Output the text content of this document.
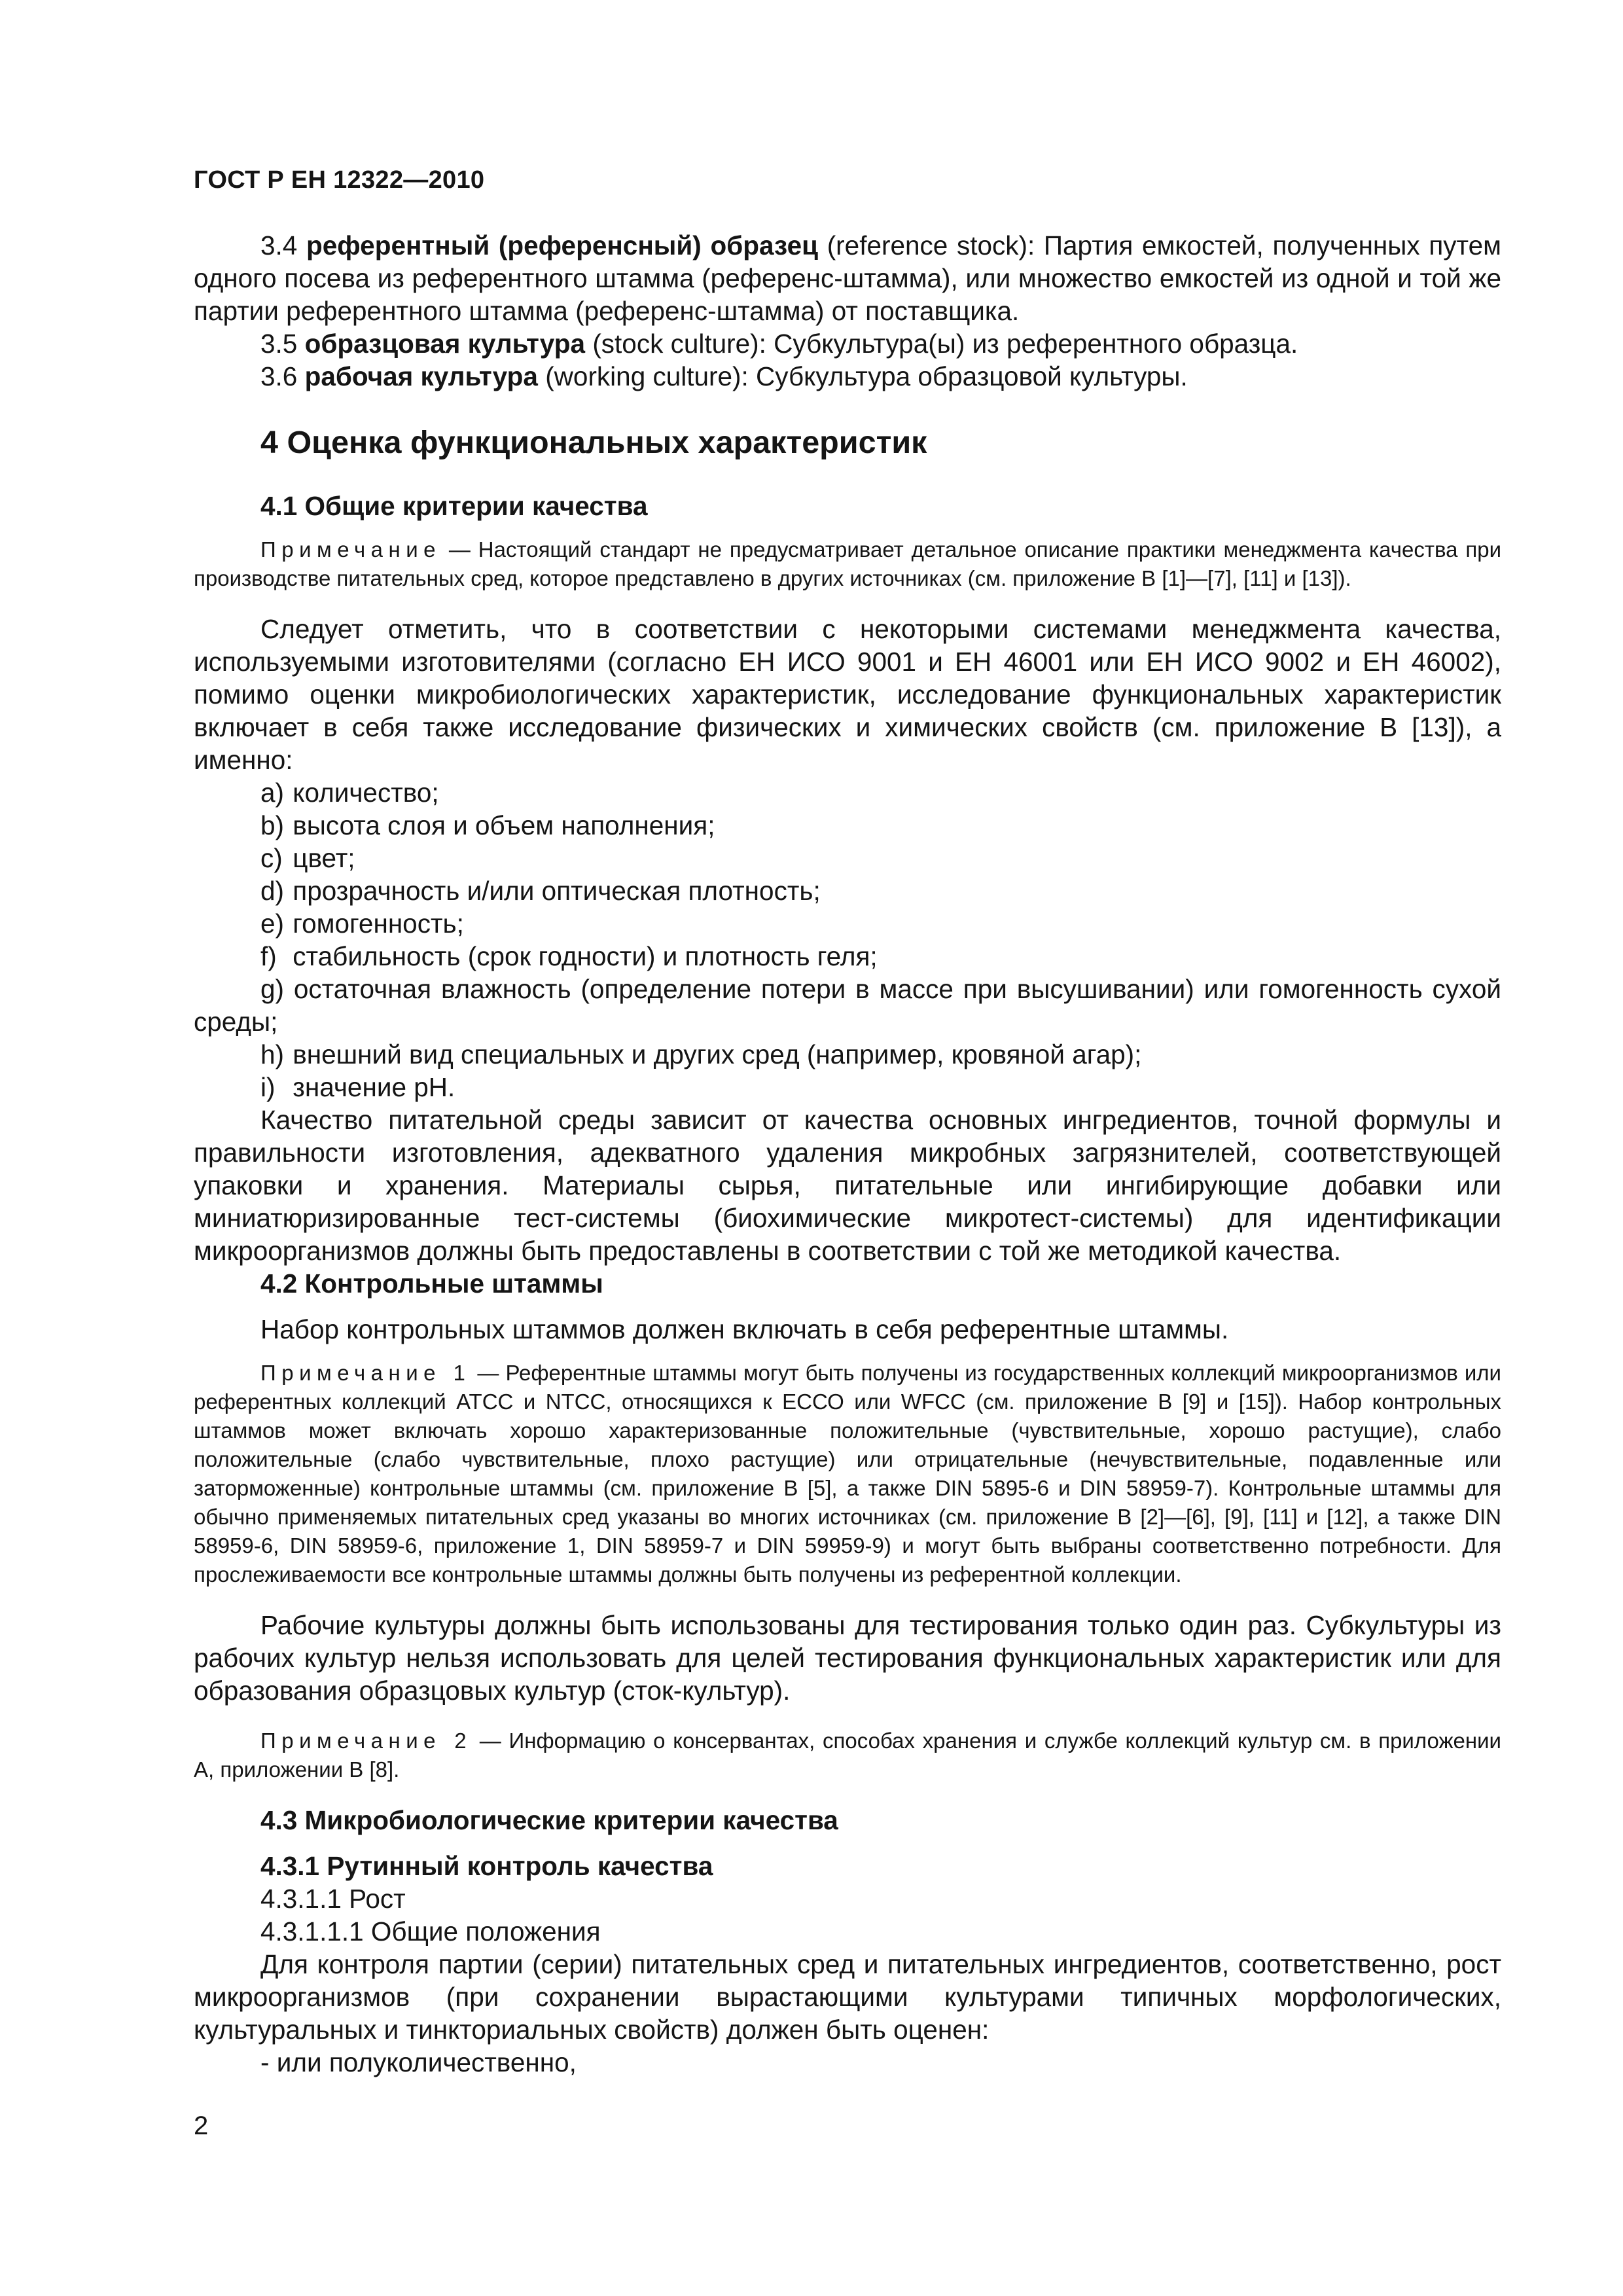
ГОСТ Р ЕН 12322—2010

3.4 референтный (референсный) образец (reference stock): Партия емкостей, полученных путем одного посева из референтного штамма (референс-штамма), или множество емкостей из одной и той же партии референтного штамма (референс-штамма) от поставщика.

3.5 образцовая культура (stock culture): Субкультура(ы) из референтного образца.

3.6 рабочая культура (working culture): Субкультура образцовой культуры.

4 Оценка функциональных характеристик
4.1 Общие критерии качества

Примечание — Настоящий стандарт не предусматривает детальное описание практики менеджмента качества при производстве питательных сред, которое представлено в других источниках (см. приложение В [1]—[7], [11] и [13]).

Следует отметить, что в соответствии с некоторыми системами менеджмента качества, используемыми изготовителями (согласно ЕН ИСО 9001 и ЕН 46001 или ЕН ИСО 9002 и ЕН 46002), помимо оценки микробиологических характеристик, исследование функциональных характеристик включает в себя также исследование физических и химических свойств (см. приложение В [13]), а именно:

а) количество;

b) высота слоя и объем наполнения;

с) цвет;

d) прозрачность и/или оптическая плотность;

е) гомогенность;

f) стабильность (срок годности) и плотность геля;

g) остаточная влажность (определение потери в массе при высушивании) или гомогенность сухой среды;

h) внешний вид специальных и других сред (например, кровяной агар);

i) значение рН.

Качество питательной среды зависит от качества основных ингредиентов, точной формулы и правильности изготовления, адекватного удаления микробных загрязнителей, соответствующей упаковки и хранения. Материалы сырья, питательные или ингибирующие добавки или миниатюризированные тест-системы (биохимические микротест-системы) для идентификации микроорганизмов должны быть предоставлены в соответствии с той же методикой качества.

4.2 Контрольные штаммы

Набор контрольных штаммов должен включать в себя референтные штаммы.

Примечание 1 — Референтные штаммы могут быть получены из государственных коллекций микроорганизмов или референтных коллекций АТСС и NTCC, относящихся к ЕССО или WFCC (см. приложение В [9] и [15]). Набор контрольных штаммов может включать хорошо характеризованные положительные (чувствительные, хорошо растущие), слабо положительные (слабо чувствительные, плохо растущие) или отрицательные (нечувствительные, подавленные или заторможенные) контрольные штаммы (см. приложение В [5], а также DIN 5895-6 и DIN 58959-7). Контрольные штаммы для обычно применяемых питательных сред указаны во многих источниках (см. приложение В [2]—[6], [9], [11] и [12], а также DIN 58959-6, DIN 58959-6, приложение 1, DIN 58959-7 и DIN 59959-9) и могут быть выбраны соответственно потребности. Для прослеживаемости все контрольные штаммы должны быть получены из референтной коллекции.

Рабочие культуры должны быть использованы для тестирования только один раз. Субкультуры из рабочих культур нельзя использовать для целей тестирования функциональных характеристик или для образования образцовых культур (сток-культур).

Примечание 2 — Информацию о консервантах, способах хранения и службе коллекций культур см. в приложении А, приложении В [8].

4.3 Микробиологические критерии качества
4.3.1 Рутинный контроль качества

4.3.1.1 Рост

4.3.1.1.1 Общие положения

Для контроля партии (серии) питательных сред и питательных ингредиентов, соответственно, рост микроорганизмов (при сохранении вырастающими культурами типичных морфологических, культуральных и тинкториальных свойств) должен быть оценен:

- или полуколичественно,

2
